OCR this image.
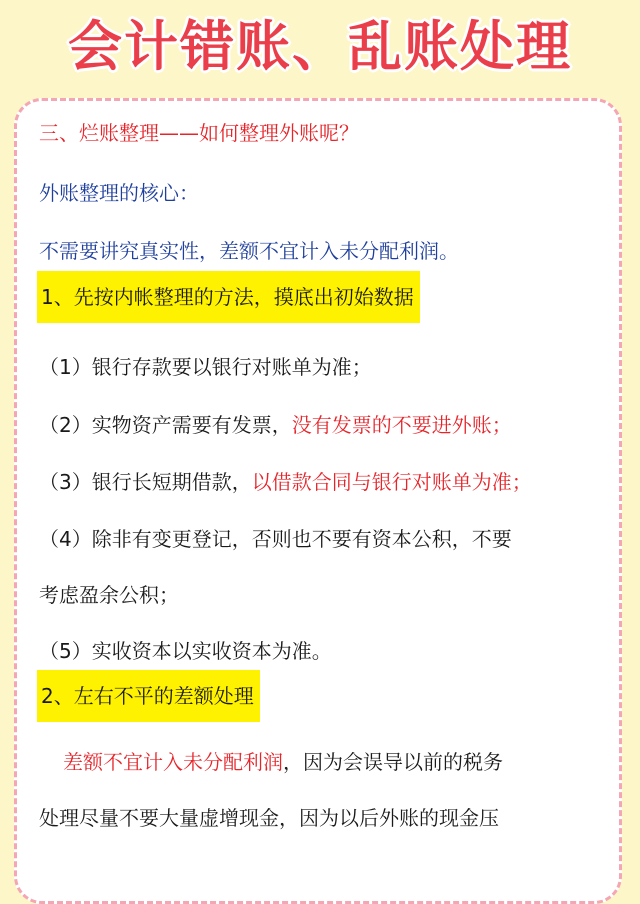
会计错账、乱账处理
三、烂账整理——如何整理外账呢？
外账整理的核心：
不需要讲究真实性，差额不宜计入未分配利润。
1、先按内帐整理的方法，摸底出初始数据
（1）银行存款要以银行对账单为准；
（2）实物资产需要有发票，没有发票的不要进外账；
（3）银行长短期借款，以借款合同与银行对账单为准；
（4）除非有变更登记，否则也不要有资本公积，不要
考虑盈余公积；
（5）实收资本以实收资本为准。
2、左右不平的差额处理
差额不宜计入未分配利润，因为会误导以前的税务
处理尽量不要大量虚增现金，因为以后外账的现金压
